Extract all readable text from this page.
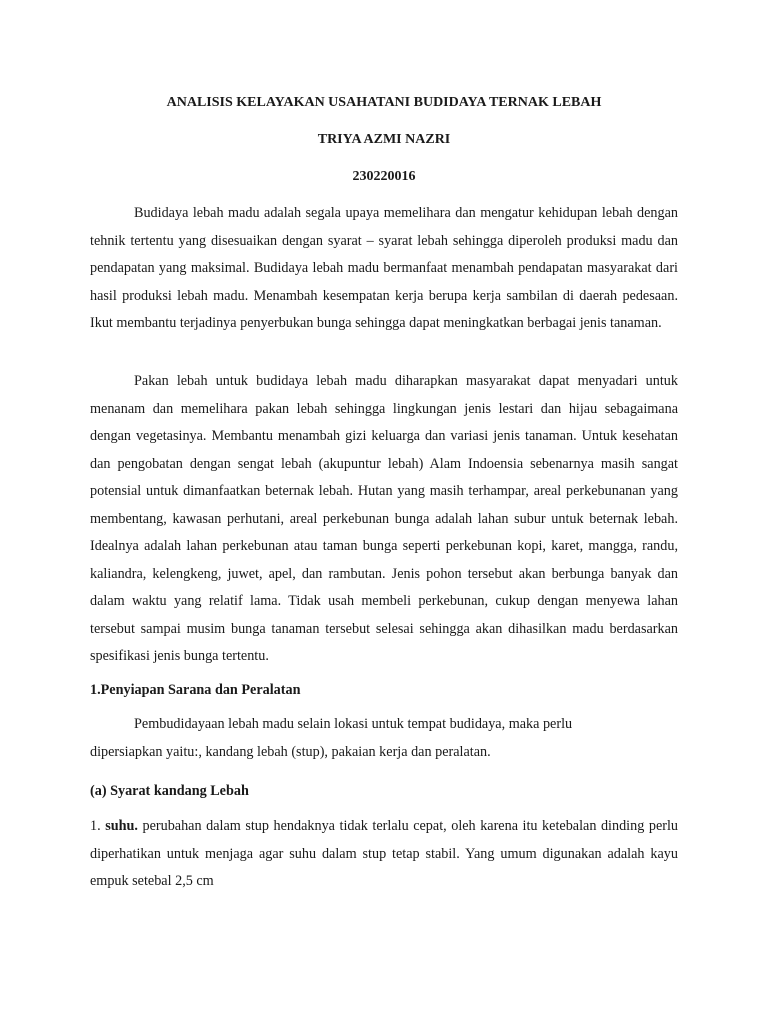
ANALISIS KELAYAKAN USAHATANI BUDIDAYA TERNAK LEBAH
TRIYA AZMI NAZRI
230220016

Budidaya lebah madu adalah segala upaya memelihara dan mengatur kehidupan lebah dengan tehnik tertentu yang disesuaikan dengan syarat – syarat lebah sehingga diperoleh produksi madu dan pendapatan yang maksimal. Budidaya lebah madu bermanfaat menambah pendapatan masyarakat dari hasil produksi lebah madu. Menambah kesempatan kerja berupa kerja sambilan di daerah pedesaan. Ikut membantu terjadinya penyerbukan bunga sehingga dapat meningkatkan berbagai jenis tanaman.

Pakan lebah untuk budidaya lebah madu diharapkan masyarakat dapat menyadari untuk menanam dan memelihara pakan lebah sehingga lingkungan jenis lestari dan hijau sebagaimana dengan vegetasinya. Membantu menambah gizi keluarga dan variasi jenis tanaman. Untuk kesehatan dan pengobatan dengan sengat lebah (akupuntur lebah) Alam Indoensia sebenarnya masih sangat potensial untuk dimanfaatkan beternak lebah. Hutan yang masih terhampar, areal perkebunanan yang membentang, kawasan perhutani, areal perkebunan bunga adalah lahan subur untuk beternak lebah. Idealnya adalah lahan perkebunan atau taman bunga seperti perkebunan kopi, karet, mangga, randu, kaliandra, kelengkeng, juwet, apel, dan rambutan. Jenis pohon tersebut akan berbunga banyak dan dalam waktu yang relatif lama. Tidak usah membeli perkebunan, cukup dengan menyewa lahan tersebut sampai musim bunga tanaman tersebut selesai sehingga akan dihasilkan madu berdasarkan spesifikasi jenis bunga tertentu.

1.Penyiapan Sarana dan Peralatan

Pembudidayaan lebah madu selain lokasi untuk tempat budidaya, maka perlu
dipersiapkan yaitu:, kandang lebah (stup), pakaian kerja dan peralatan.

(a) Syarat kandang Lebah

1. suhu. perubahan dalam stup hendaknya tidak terlalu cepat, oleh karena itu ketebalan dinding perlu diperhatikan untuk menjaga agar suhu dalam stup tetap stabil. Yang umum digunakan adalah kayu empuk setebal 2,5 cm
